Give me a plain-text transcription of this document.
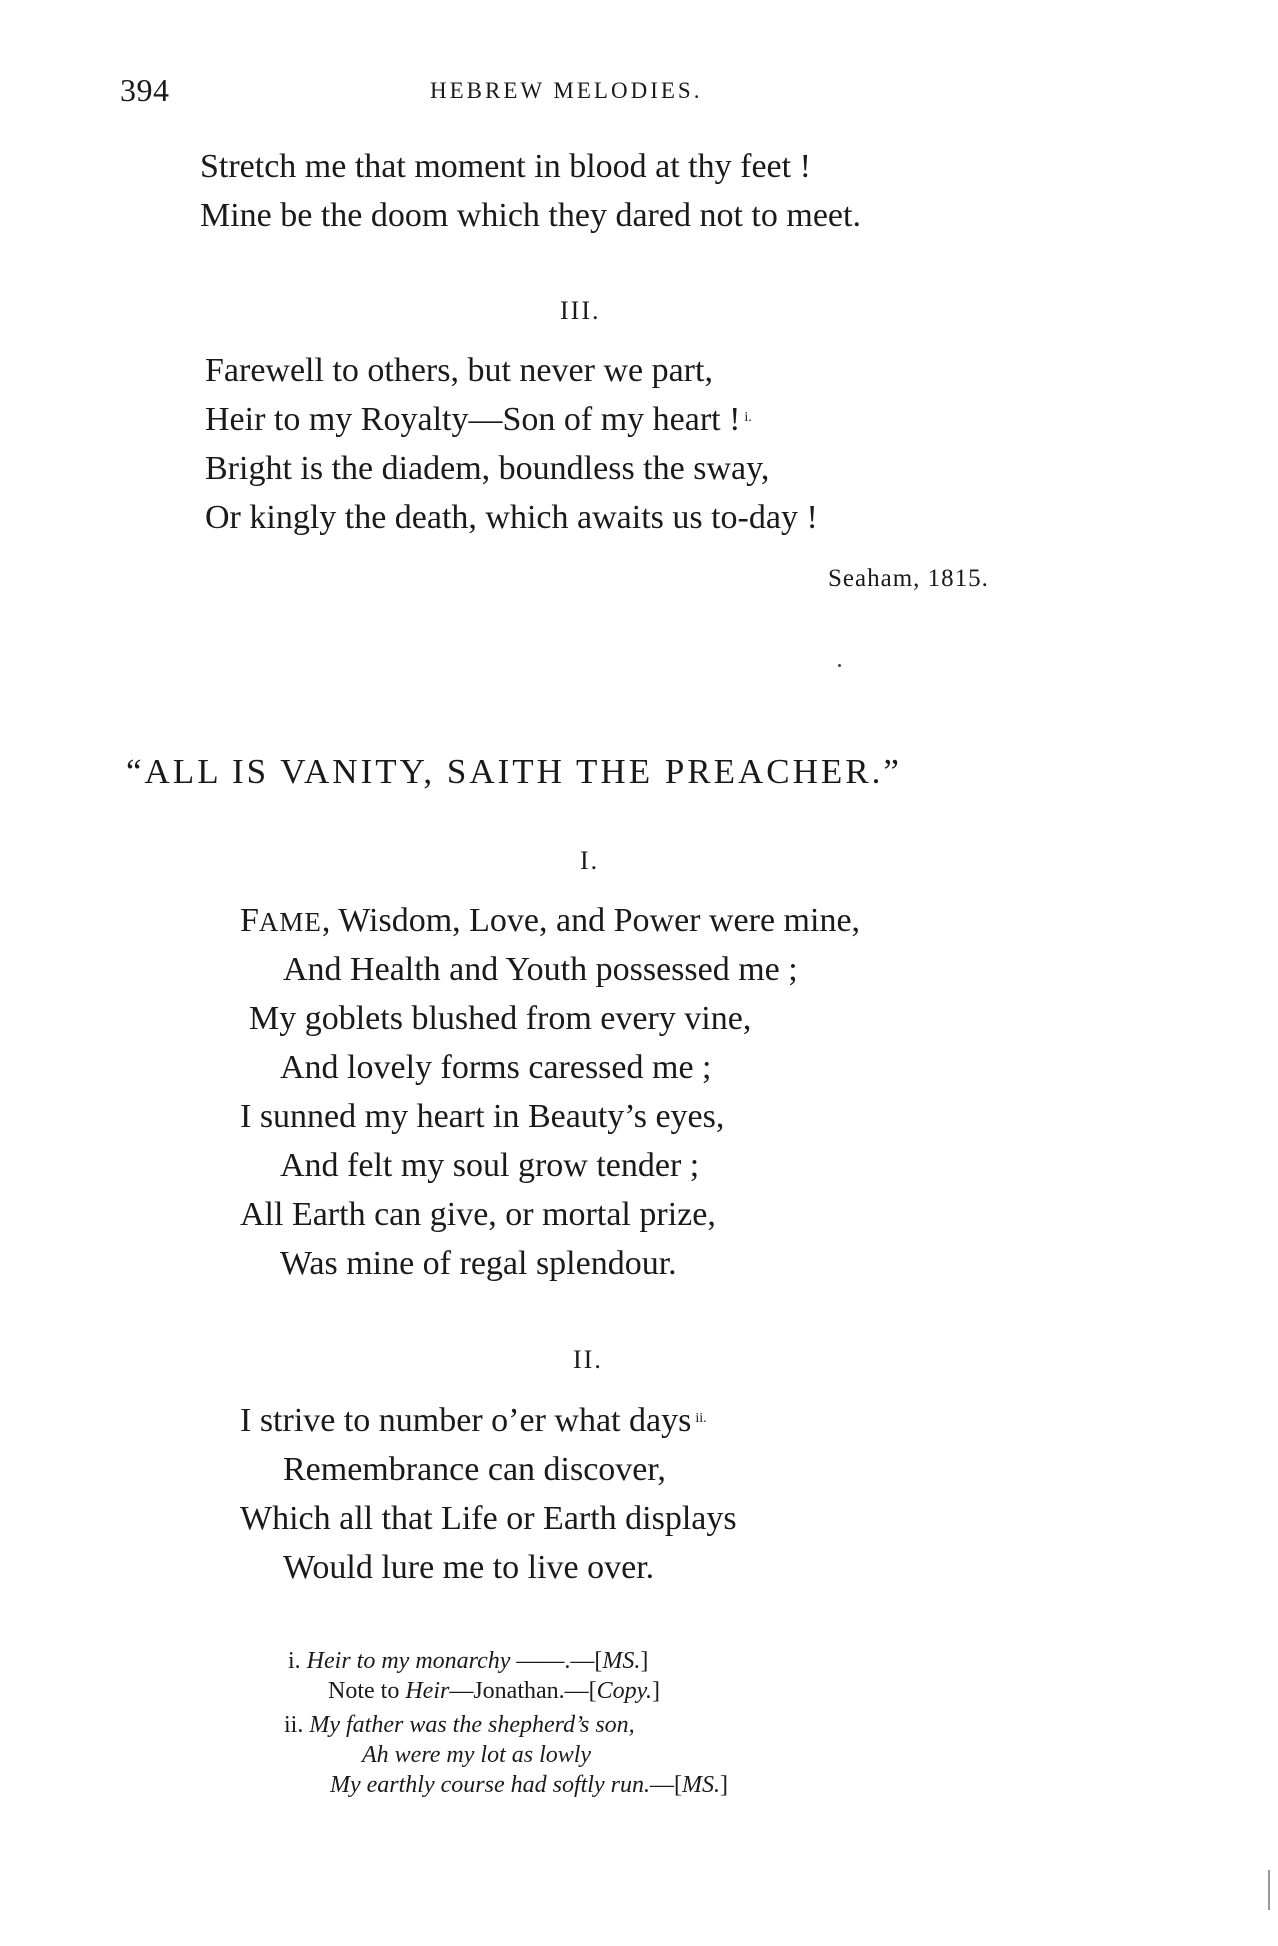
394	HEBREW MELODIES.
Stretch me that moment in blood at thy feet !
Mine be the doom which they dared not to meet.
III.
Farewell to others, but never we part,
Heir to my Royalty—Son of my heart ! $^{i.}$
Bright is the diadem, boundless the sway,
Or kingly the death, which awaits us to-day !
Seaham, 1815.
“ALL IS VANITY, SAITH THE PREACHER.”
I.
FAME, Wisdom, Love, and Power were mine,
And Health and Youth possessed me ;
My goblets blushed from every vine,
And lovely forms caressed me ;
I sunned my heart in Beauty’s eyes,
And felt my soul grow tender ;
All Earth can give, or mortal prize,
Was mine of regal splendour.
II.
I strive to number o’er what days $^{ii.}$
Remembrance can discover,
Which all that Life or Earth displays
Would lure me to live over.
i. Heir to my monarchy ——.—[MS.]
Note to Heir—Jonathan.—[Copy.]
ii. My father was the shepherd’s son,
Ah were my lot as lowly
My earthly course had softly run.—[MS.]
